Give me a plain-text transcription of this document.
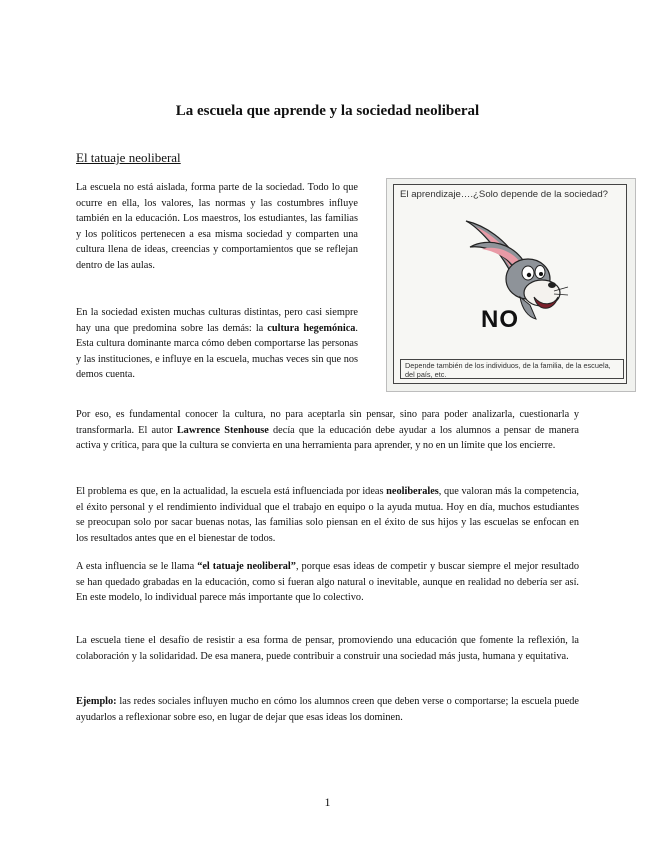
La escuela que aprende y la sociedad neoliberal
El tatuaje neoliberal

La escuela no está aislada, forma parte de la sociedad. Todo lo que ocurre en ella, los valores, las normas y las costumbres influye también en la educación. Los maestros, los estudiantes, las familias y los políticos pertenecen a esa misma sociedad y comparten una cultura llena de ideas, creencias y comportamientos que se reflejan dentro de las aulas.

En la sociedad existen muchas culturas distintas, pero casi siempre hay una que predomina sobre las demás: la cultura hegemónica. Esta cultura dominante marca cómo deben comportarse las personas y las instituciones, e influye en la escuela, muchas veces sin que nos demos cuenta.

Por eso, es fundamental conocer la cultura, no para aceptarla sin pensar, sino para poder analizarla, cuestionarla y transformarla. El autor Lawrence Stenhouse decía que la educación debe ayudar a los alumnos a pensar de manera activa y crítica, para que la cultura se convierta en una herramienta para aprender, y no en un límite que los encierre.

El problema es que, en la actualidad, la escuela está influenciada por ideas neoliberales, que valoran más la competencia, el éxito personal y el rendimiento individual que el trabajo en equipo o la ayuda mutua. Hoy en día, muchos estudiantes se preocupan solo por sacar buenas notas, las familias solo piensan en el éxito de sus hijos y las escuelas se enfocan en los resultados antes que en el bienestar de todos.

A esta influencia se le llama “el tatuaje neoliberal”, porque esas ideas de competir y buscar siempre el mejor resultado se han quedado grabadas en la educación, como si fueran algo natural o inevitable, aunque en realidad no debería ser así. En este modelo, lo individual parece más importante que lo colectivo.

La escuela tiene el desafío de resistir a esa forma de pensar, promoviendo una educación que fomente la reflexión, la colaboración y la solidaridad. De esa manera, puede contribuir a construir una sociedad más justa, humana y equitativa.

Ejemplo: las redes sociales influyen mucho en cómo los alumnos creen que deben verse o comportarse; la escuela puede ayudarlos a reflexionar sobre eso, en lugar de dejar que esas ideas los dominen.

El aprendizaje….¿Solo depende de la sociedad?
NO
Depende también de los individuos, de la familia, de la escuela, del país, etc.
1
